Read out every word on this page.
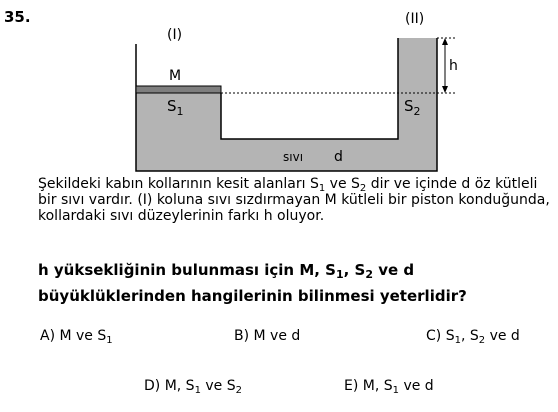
35.
(I)
(II)
M
$S_1$	$S_2$
h
sıvı d

Şekildeki kabın kollarının kesit alanları $S_1$ ve $S_2$ dir ve içinde d öz kütleli bir sıvı vardır. (I) koluna sıvı sızdırmayan M kütleli bir piston konduğunda, kollardaki sıvı düzeylerinin farkı h oluyor.

h yüksekliğinin bulunması için M, $S_1$, $S_2$ ve d büyüklüklerinden hangilerinin bilinmesi yeterlidir?

A) M ve $S_1$	B) M ve d	C) $S_1$, $S_2$ ve d
D) M, $S_1$ ve $S_2$	E) M, $S_1$ ve d
